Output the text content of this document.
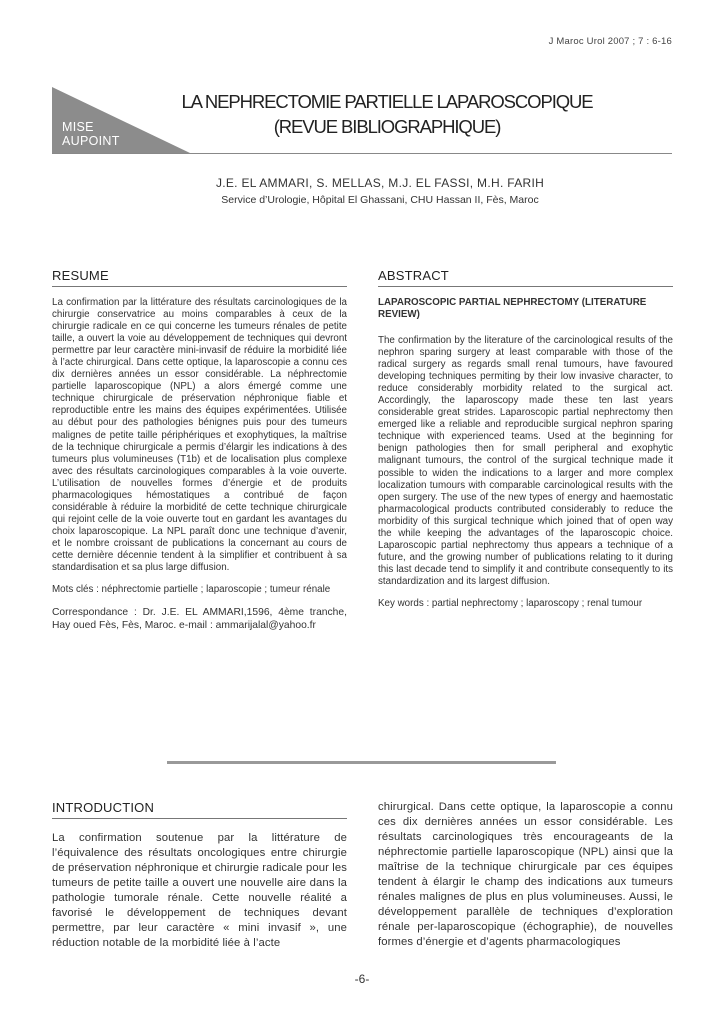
J Maroc Urol 2007 ; 7 : 6-16
MISE
AUPOINT
LA NEPHRECTOMIE PARTIELLE LAPAROSCOPIQUE
(REVUE BIBLIOGRAPHIQUE)
J.E. EL AMMARI, S. MELLAS, M.J. EL FASSI, M.H. FARIH
Service d’Urologie, Hôpital El Ghassani, CHU Hassan II, Fès, Maroc
RESUME

La confirmation par la littérature des résultats carcinologiques de la chirurgie conservatrice au moins comparables à ceux de la chirurgie radicale en ce qui concerne les tumeurs rénales de petite taille, a ouvert la voie au développement de techniques qui devront permettre par leur caractère mini-invasif de réduire la morbidité liée à l’acte chirurgical. Dans cette optique, la laparoscopie a connu ces dix dernières années un essor considérable. La néphrectomie partielle laparoscopique (NPL) a alors émergé comme une technique chirurgicale de préservation néphronique fiable et reproductible entre les mains des équipes expérimentées. Utilisée au début pour des pathologies bénignes puis pour des tumeurs malignes de petite taille périphériques et exophytiques, la maîtrise de la technique chirurgicale a permis d’élargir les indications à des tumeurs plus volumineuses (T1b) et de localisation plus complexe avec des résultats carcinologiques comparables à la voie ouverte. L’utilisation de nouvelles formes d’énergie et de produits pharmacologiques hémostatiques a contribué de façon considérable à réduire la morbidité de cette technique chirurgicale qui rejoint celle de la voie ouverte tout en gardant les avantages du choix laparoscopique. La NPL paraît donc une technique d’avenir, et le nombre croissant de publications la concernant au cours de cette dernière décennie tendent à la simplifier et contribuent à sa standardisation et sa plus large diffusion.

Mots clés : néphrectomie partielle ; laparoscopie ; tumeur rénale

Correspondance : Dr. J.E. EL AMMARI,1596, 4ème tranche, Hay oued Fès, Fès, Maroc. e-mail : ammarijalal@yahoo.fr

ABSTRACT

LAPAROSCOPIC PARTIAL NEPHRECTOMY (LITERATURE REVIEW)

The confirmation by the literature of the carcinological results of the nephron sparing surgery at least comparable with those of the radical surgery as regards small renal tumours, have favoured developing techniques permiting by their low invasive character, to reduce considerably morbidity related to the surgical act. Accordingly, the laparoscopy made these ten last years considerable great strides. Laparoscopic partial nephrectomy then emerged like a reliable and reproducible surgical nephron sparing technique with experienced teams. Used at the beginning for benign pathologies then for small peripheral and exophytic malignant tumours, the control of the surgical technique made it possible to widen the indications to a larger and more complex localization tumours with comparable carcinological results with the open surgery. The use of the new types of energy and haemostatic pharmacological products contributed considerably to reduce the morbidity of this surgical technique which joined that of open way the while keeping the advantages of the laparoscopic choice. Laparoscopic partial nephrectomy thus appears a technique of a future, and the growing number of publications relating to it during this last decade tend to simplify it and contribute consequently to its standardization and its largest diffusion.

Key words : partial nephrectomy ; laparoscopy ; renal tumour

INTRODUCTION

La confirmation soutenue par la littérature de l’équivalence des résultats oncologiques entre chirurgie de préservation néphronique et chirurgie radicale pour les tumeurs de petite taille a ouvert une nouvelle aire dans la pathologie tumorale rénale. Cette nouvelle réalité a favorisé le développement de techniques devant permettre, par leur caractère « mini invasif », une réduction notable de la morbidité liée à l’acte

chirurgical. Dans cette optique, la laparoscopie a connu ces dix dernières années un essor considérable. Les résultats carcinologiques très encourageants de la néphrectomie partielle laparoscopique (NPL) ainsi que la maîtrise de la technique chirurgicale par ces équipes tendent à élargir le champ des indications aux tumeurs rénales malignes de plus en plus volumineuses. Aussi, le développement parallèle de techniques d’exploration rénale per-laparoscopique (échographie), de nouvelles formes d’énergie et d’agents pharmacologiques

-6-
